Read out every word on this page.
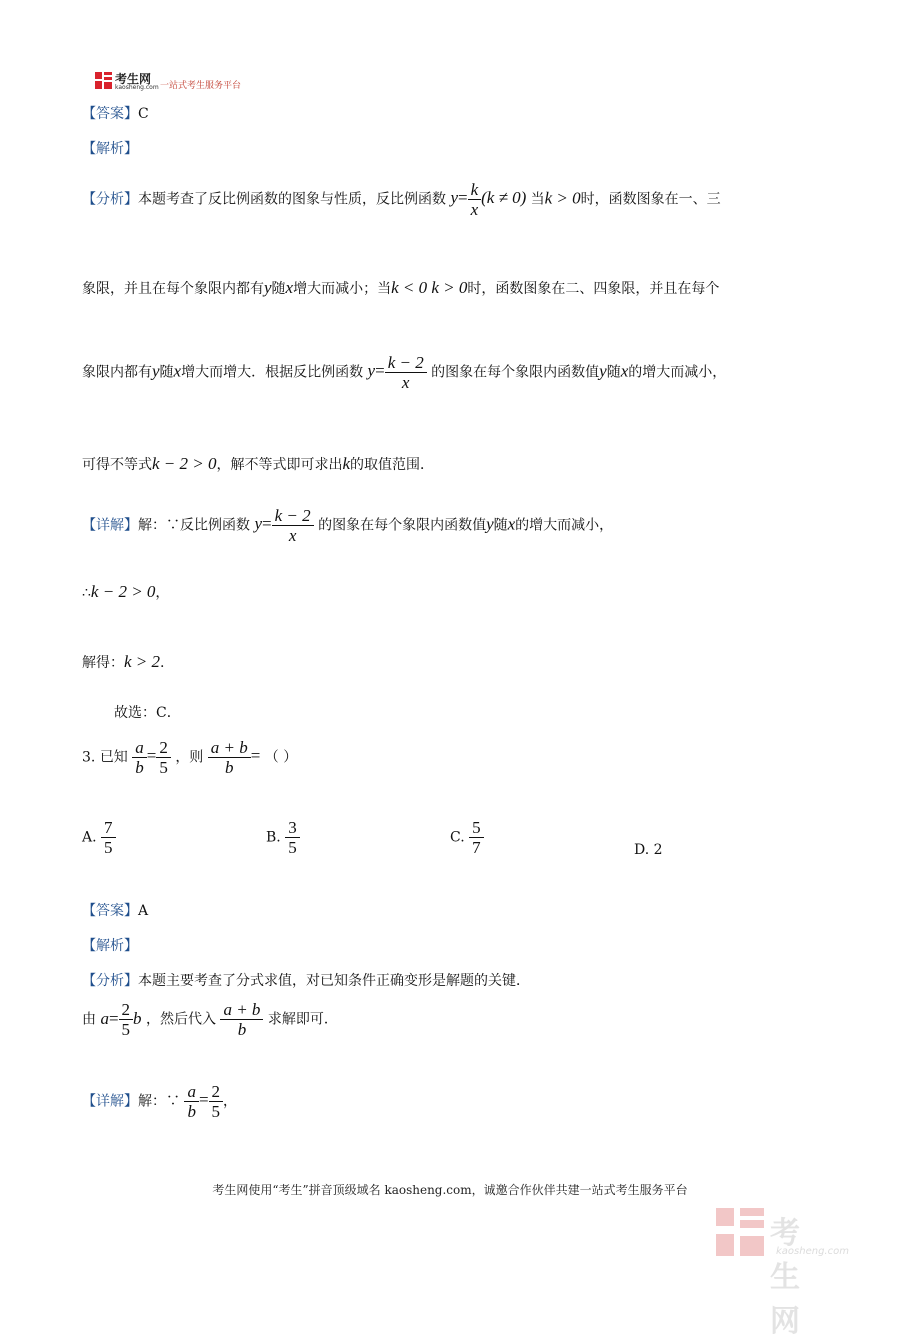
考生网
kaosheng.com 一站式考生服务平台
【答案】C
【解析】
【分析】本题考查了反比例函数的图象与性质，反比例函数 $y= \frac{k}{x} (k \ne 0)$ 当k > 0时，函数图象在一、三
象限，并且在每个象限内都有y随x增大而减小；当k < 0 k > 0时，函数图象在二、四象限，并且在每个
象限内都有y随x增大而增大．根据反比例函数 $y= \frac{k - 2}{x}$ 的图象在每个象限内函数值y随x的增大而减小，
可得不等式k − 2 > 0，解不等式即可求出k的取值范围．
【详解】解：∵反比例函数 $y= \frac{k - 2}{x}$ 的图象在每个象限内函数值y随x的增大而减小，
∴k − 2 > 0，
解得：k > 2.
故选：C．
3. 已知 $\frac{a}{b} = \frac{2}{5}$ ，则 $\frac{a + b}{b}$ = （ ）
A. $\frac{7}{5}$	B. $\frac{3}{5}$	C. $\frac{5}{7}$	D. 2
【答案】A
【解析】
【分析】本题主要考查了分式求值，对已知条件正确变形是解题的关键．
由 $a= \frac{2}{5}$ b ，然后代入 $\frac{a + b}{b}$ 求解即可．
【详解】解：∵ $\frac{a}{b} = \frac{2}{5}$ ，
考生网使用“考生”拼音顶级域名 kaosheng.com，诚邀合作伙伴共建一站式考生服务平台
考生网
kaosheng.com
